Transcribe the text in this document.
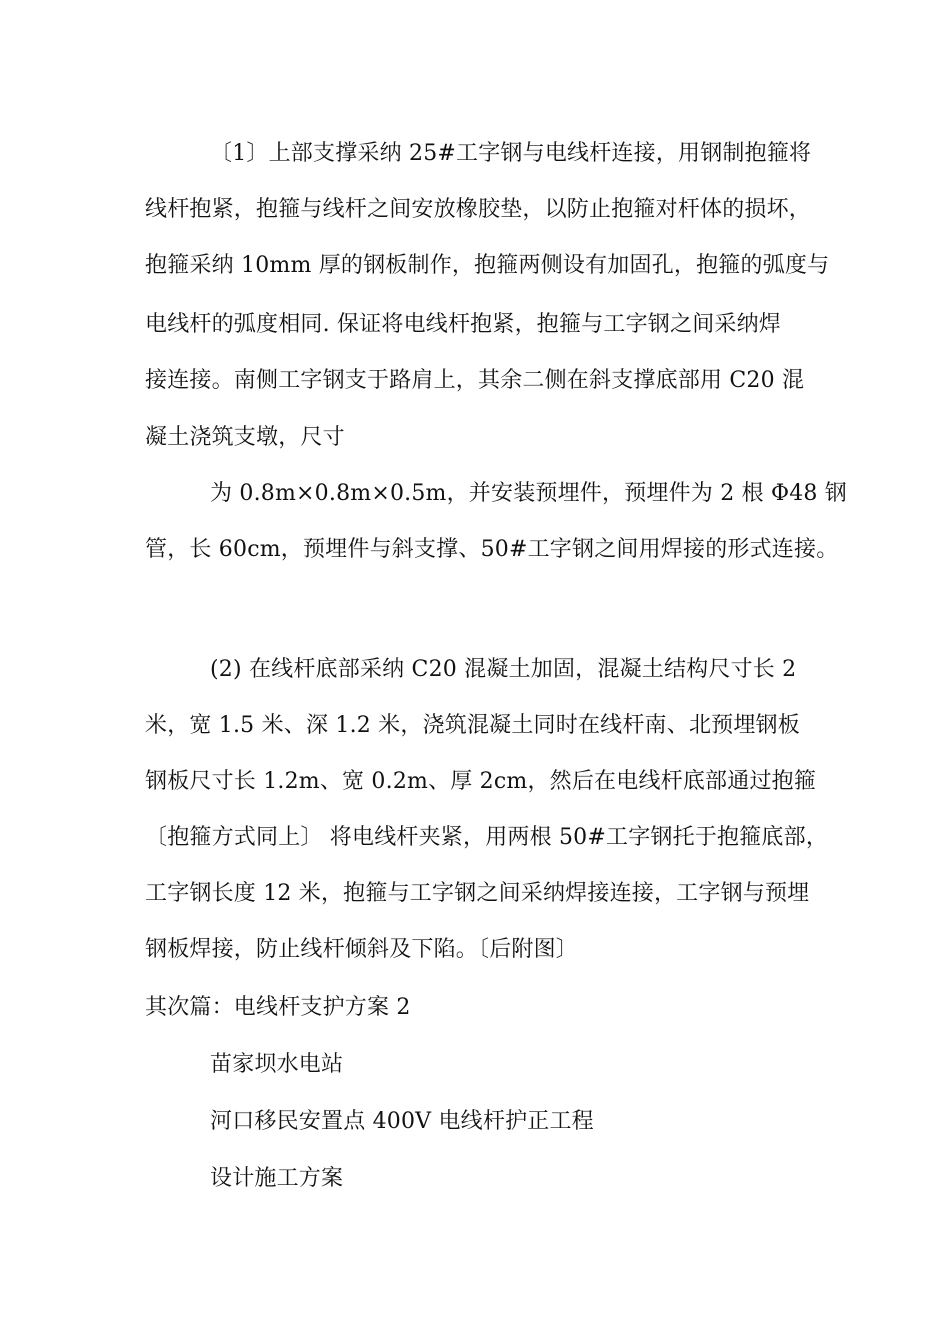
〔1〕上部支撑采纳 25#工字钢与电线杆连接，用钢制抱箍将
线杆抱紧，抱箍与线杆之间安放橡胶垫，以防止抱箍对杆体的损坏，
抱箍采纳 10mm 厚的钢板制作，抱箍两侧设有加固孔，抱箍的弧度与
电线杆的弧度相同. 保证将电线杆抱紧，抱箍与工字钢之间采纳焊
接连接。南侧工字钢支于路肩上，其余二侧在斜支撑底部用 C20 混
凝土浇筑支墩，尺寸
为 0.8m×0.8m×0.5m，并安装预埋件，预埋件为 2 根 Φ48 钢
管，长 60cm，预埋件与斜支撑、50#工字钢之间用焊接的形式连接。
(2) 在线杆底部采纳 C20 混凝土加固，混凝土结构尺寸长 2
米，宽 1.5 米、深 1.2 米，浇筑混凝土同时在线杆南、北预埋钢板
钢板尺寸长 1.2m、宽 0.2m、厚 2cm，然后在电线杆底部通过抱箍
〔抱箍方式同上〕 将电线杆夹紧，用两根 50#工字钢托于抱箍底部，
工字钢长度 12 米，抱箍与工字钢之间采纳焊接连接，工字钢与预埋
钢板焊接，防止线杆倾斜及下陷。〔后附图〕
其次篇：电线杆支护方案 2
苗家坝水电站
河口移民安置点 400V 电线杆护正工程
设计施工方案
